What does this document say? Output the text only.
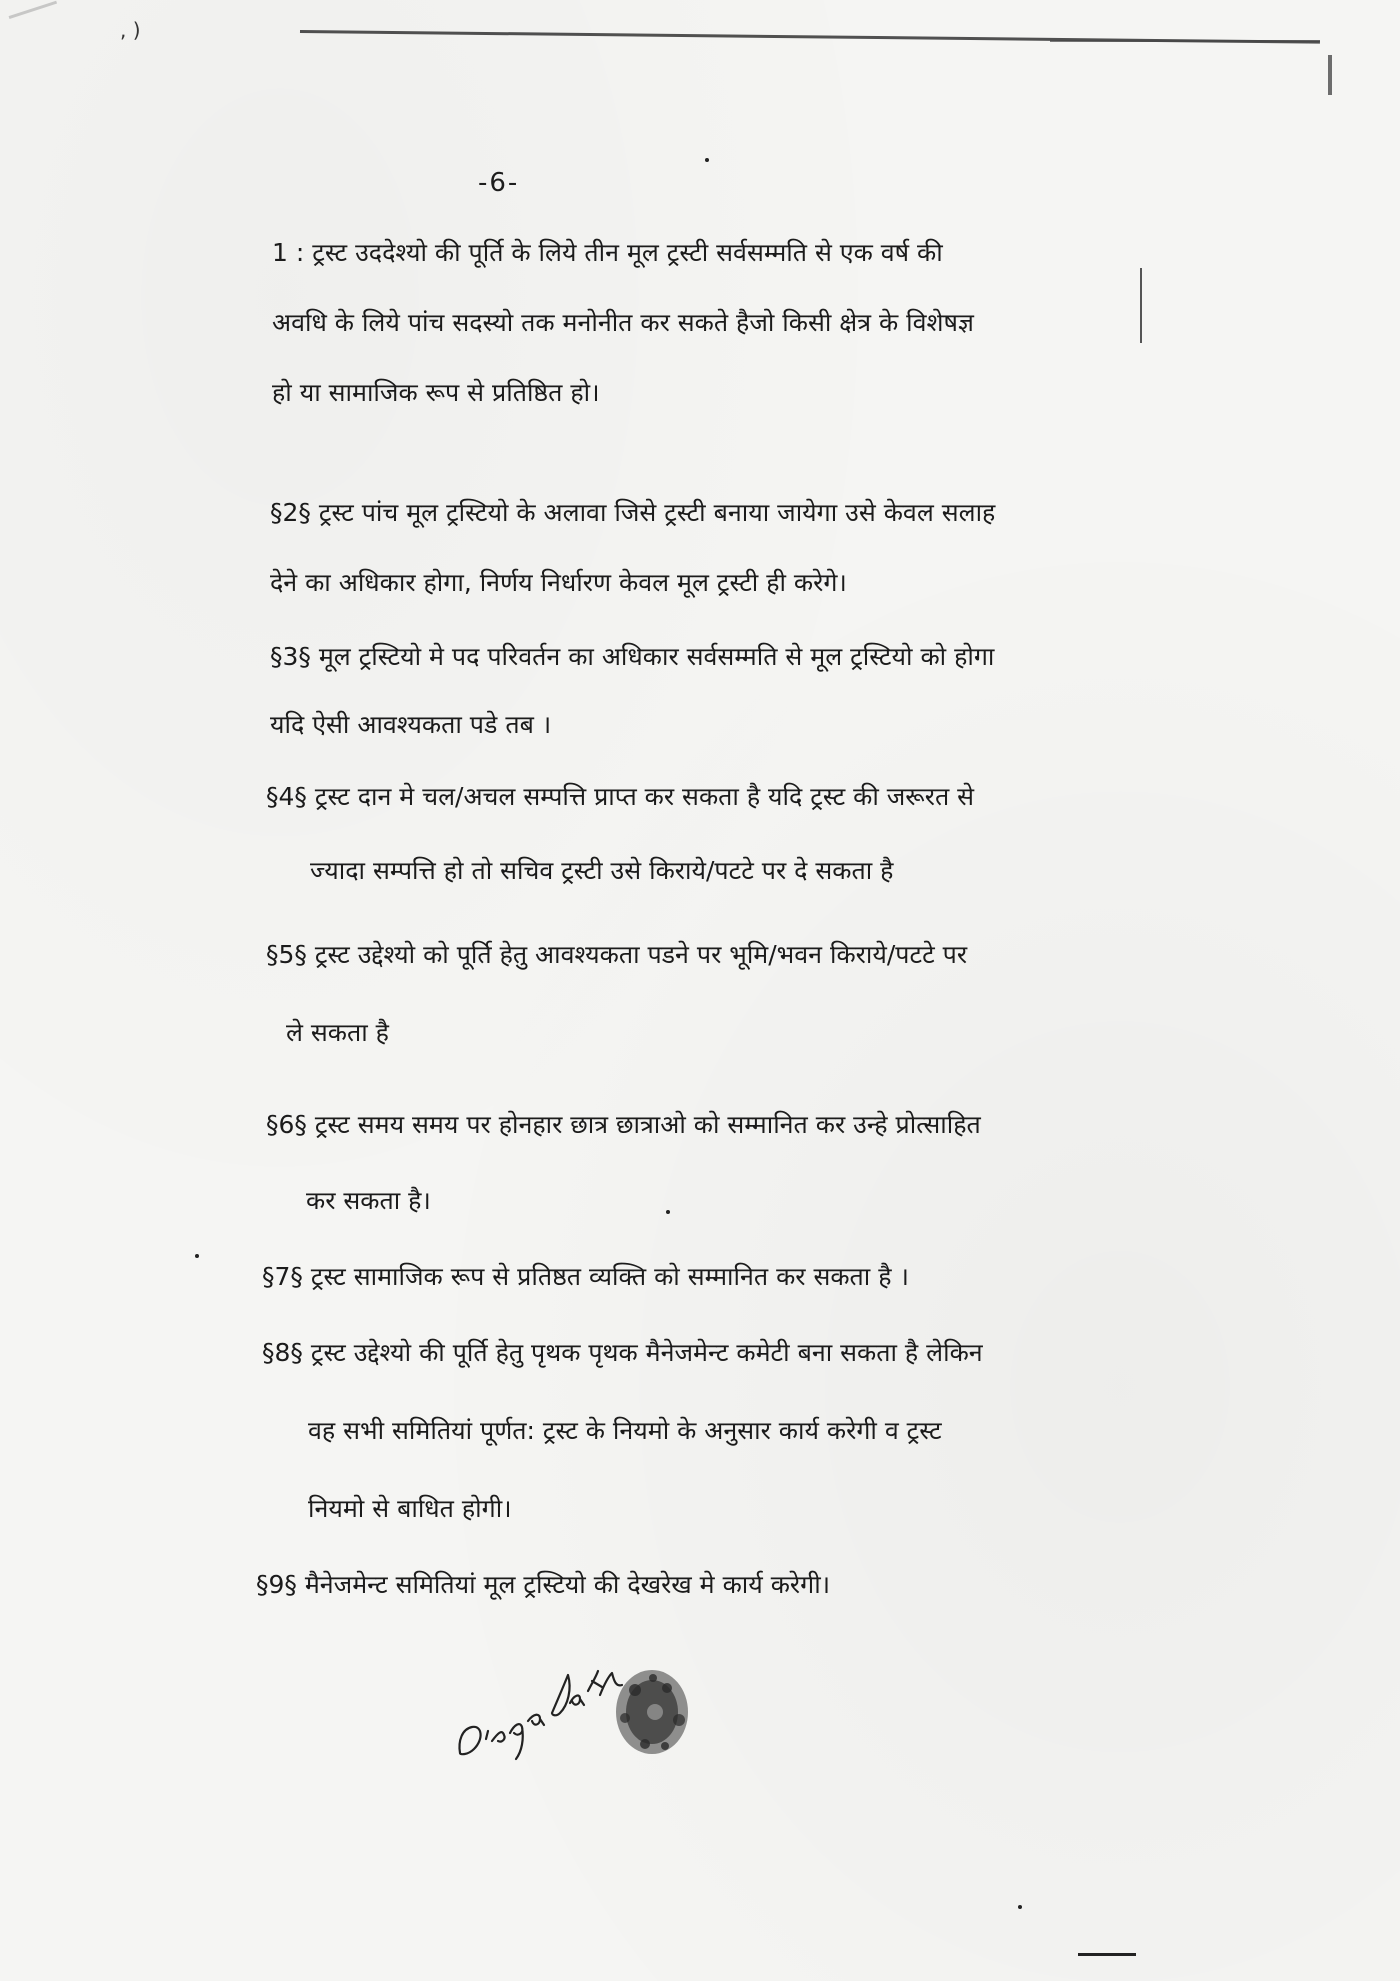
, )
-6-
1 : ट्रस्ट उददेश्यो की पूर्ति के लिये तीन मूल ट्रस्टी सर्वसम्मति से एक वर्ष की
अवधि के लिये पांच सदस्यो तक मनोनीत कर सकते हैजो किसी क्षेत्र के विशेषज्ञ
हो या सामाजिक रूप से प्रतिष्ठित हो।
§2§ ट्रस्ट पांच मूल ट्रस्टियो के अलावा जिसे ट्रस्टी बनाया जायेगा उसे केवल सलाह
देने का अधिकार होगा, निर्णय निर्धारण केवल मूल ट्रस्टी ही करेगे।
§3§ मूल ट्रस्टियो मे पद परिवर्तन का अधिकार सर्वसम्मति से मूल ट्रस्टियो को होगा
यदि ऐसी आवश्यकता पडे तब ।
§4§ ट्रस्ट दान मे चल/अचल सम्पत्ति प्राप्त कर सकता है यदि ट्रस्ट की जरूरत से
ज्यादा सम्पत्ति हो तो सचिव ट्रस्टी उसे किराये/पटटे पर दे सकता है
§5§ ट्रस्ट उद्देश्यो को पूर्ति हेतु आवश्यकता पडने पर भूमि/भवन किराये/पटटे पर
ले सकता है
§6§ ट्रस्ट समय समय पर होनहार छात्र छात्राओ को सम्मानित कर उन्हे प्रोत्साहित
कर सकता है।
§7§ ट्रस्ट सामाजिक रूप से प्रतिष्ठत व्यक्ति को सम्मानित कर सकता है ।
§8§ ट्रस्ट उद्देश्यो की पूर्ति हेतु पृथक पृथक मैनेजमेन्ट कमेटी बना सकता है लेकिन
वह सभी समितियां पूर्णत: ट्रस्ट के नियमो के अनुसार कार्य करेगी व ट्रस्ट
नियमो से बाधित होगी।
§9§ मैनेजमेन्ट समितियां मूल ट्रस्टियो की देखरेख मे कार्य करेगी।
